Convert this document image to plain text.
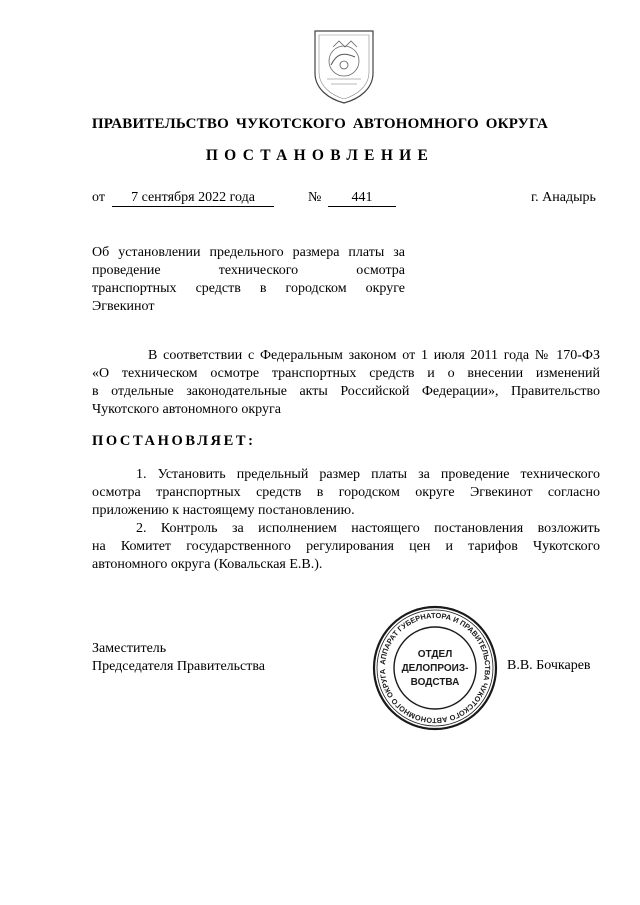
ПРАВИТЕЛЬСТВО ЧУКОТСКОГО АВТОНОМНОГО ОКРУГА
ПОСТАНОВЛЕНИЕ
от	7 сентября 2022 года	№	441	г. Анадырь
Об установлении предельного размера платы за
проведение технического осмотра
транспортных средств в городском округе
Эгвекинот
В соответствии с Федеральным законом от 1 июля 2011 года № 170-ФЗ
«О техническом осмотре транспортных средств и о внесении изменений
в отдельные законодательные акты Российской Федерации», Правительство
Чукотского автономного округа
ПОСТАНОВЛЯЕТ:
1. Установить предельный размер платы за проведение технического
осмотра транспортных средств в городском округе Эгвекинот согласно
приложению к настоящему постановлению.
2. Контроль за исполнением настоящего постановления возложить
на Комитет государственного регулирования цен и тарифов Чукотского
автономного округа (Ковальская Е.В.).
Заместитель
Председателя Правительства	В.В. Бочкарев
АППАРАТ ГУБЕРНАТОРА И ПРАВИТЕЛЬСТВА ЧУКОТСКОГО АВТОНОМНОГО ОКРУГА
ОТДЕЛ
ДЕЛОПРОИЗ-
ВОДСТВА
